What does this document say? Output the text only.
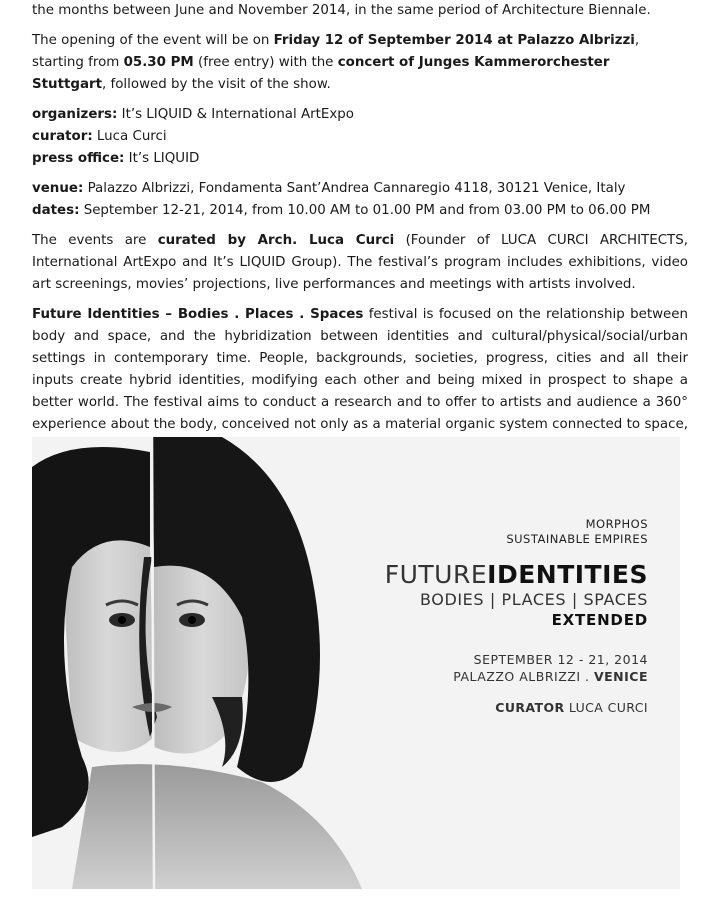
the months between June and November 2014, in the same period of Architecture Biennale.

The opening of the event will be on Friday 12 of September 2014 at Palazzo Albrizzi, starting from 05.30 PM (free entry) with the concert of Junges Kammerorchester Stuttgart, followed by the visit of the show.

organizers: It’s LIQUID & International ArtExpo

curator: Luca Curci

press office: It’s LIQUID

venue: Palazzo Albrizzi, Fondamenta Sant’Andrea Cannaregio 4118, 30121 Venice, Italy

dates: September 12-21, 2014, from 10.00 AM to 01.00 PM and from 03.00 PM to 06.00 PM

The events are curated by Arch. Luca Curci (Founder of LUCA CURCI ARCHITECTS, International ArtExpo and It’s LIQUID Group). The festival’s program includes exhibitions, video art screenings, movies’ projections, live performances and meetings with artists involved.

Future Identities – Bodies . Places . Spaces festival is focused on the relationship between body and space, and the hybridization between identities and cultural/physical/social/urban settings in contemporary time. People, backgrounds, societies, progress, cities and all their inputs create hybrid identities, modifying each other and being mixed in prospect to shape a better world. The festival aims to conduct a research and to offer to artists and audience a 360° experience about the body, conceived not only as a material organic system connected to space,

MORPHOS
SUSTAINABLE EMPIRES
FUTUREIDENTITIES
BODIES | PLACES | SPACES
EXTENDED
SEPTEMBER 12 - 21, 2014
PALAZZO ALBRIZZI . VENICE
CURATOR LUCA CURCI
